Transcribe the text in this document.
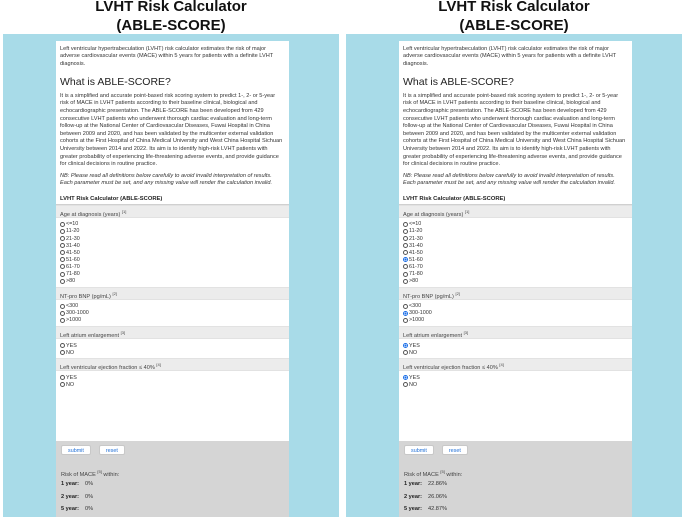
LVHT Risk Calculator
(ABLE-SCORE)
Left ventricular hypertrabeculation (LVHT) risk calculator estimates the risk of major adverse cardiovascular events (MACE) within 5 years for patients with a definite LVHT diagnosis.
What is ABLE-SCORE?
It is a simplified and accurate point-based risk scoring system to predict 1-, 2- or 5-year risk of MACE in LVHT patients according to their baseline clinical, biological and echocardiographic presentation. The ABLE-SCORE has been developed from 429 consecutive LVHT patients who underwent thorough cardiac evaluation and long-term follow-up at the National Center of Cardiovascular Diseases, Fuwai Hospital in China between 2009 and 2020, and has been validated by the multicenter external validation cohorts at the First Hospital of China Medical University and West China Hospital Sichuan University between 2014 and 2022. Its aim is to identify high-risk LVHT patients with greater probability of experiencing life-threatening adverse events, and provide guidance for clinical decisions in routine practice.
NB: Please read all definitions below carefully to avoid invalid interpretation of results. Each parameter must be set, and any missing value will render the calculation invalid.
LVHT Risk Calculator (ABLE-SCORE)
Age at diagnosis (years) [1]
<=10
11-20
21-30
31-40
41-50
51-60
61-70
71-80
>80
NT-pro BNP (pg/mL) [2]
<300
300-1000
>1000
Left atrium enlargement [3]
YES
NO
Left ventricular ejection fraction ≤ 40% [4]
YES
NO
submit	reset
Risk of MACE [5] within:
1 year:	0%
2 year:	0%
5 year:	0%
LVHT Risk Calculator
(ABLE-SCORE)
Left ventricular hypertrabeculation (LVHT) risk calculator estimates the risk of major adverse cardiovascular events (MACE) within 5 years for patients with a definite LVHT diagnosis.
What is ABLE-SCORE?
It is a simplified and accurate point-based risk scoring system to predict 1-, 2- or 5-year risk of MACE in LVHT patients according to their baseline clinical, biological and echocardiographic presentation. The ABLE-SCORE has been developed from 429 consecutive LVHT patients who underwent thorough cardiac evaluation and long-term follow-up at the National Center of Cardiovascular Diseases, Fuwai Hospital in China between 2009 and 2020, and has been validated by the multicenter external validation cohorts at the First Hospital of China Medical University and West China Hospital Sichuan University between 2014 and 2022. Its aim is to identify high-risk LVHT patients with greater probability of experiencing life-threatening adverse events, and provide guidance for clinical decisions in routine practice.
NB: Please read all definitions below carefully to avoid invalid interpretation of results. Each parameter must be set, and any missing value will render the calculation invalid.
LVHT Risk Calculator (ABLE-SCORE)
Age at diagnosis (years) [1]
<=10
11-20
21-30
31-40
41-50
51-60
61-70
71-80
>80
NT-pro BNP (pg/mL) [2]
<300
300-1000
>1000
Left atrium enlargement [3]
YES
NO
Left ventricular ejection fraction ≤ 40% [4]
YES
NO
submit	reset
Risk of MACE [5] within:
1 year:	22.86%
2 year:	26.06%
5 year:	42.87%
